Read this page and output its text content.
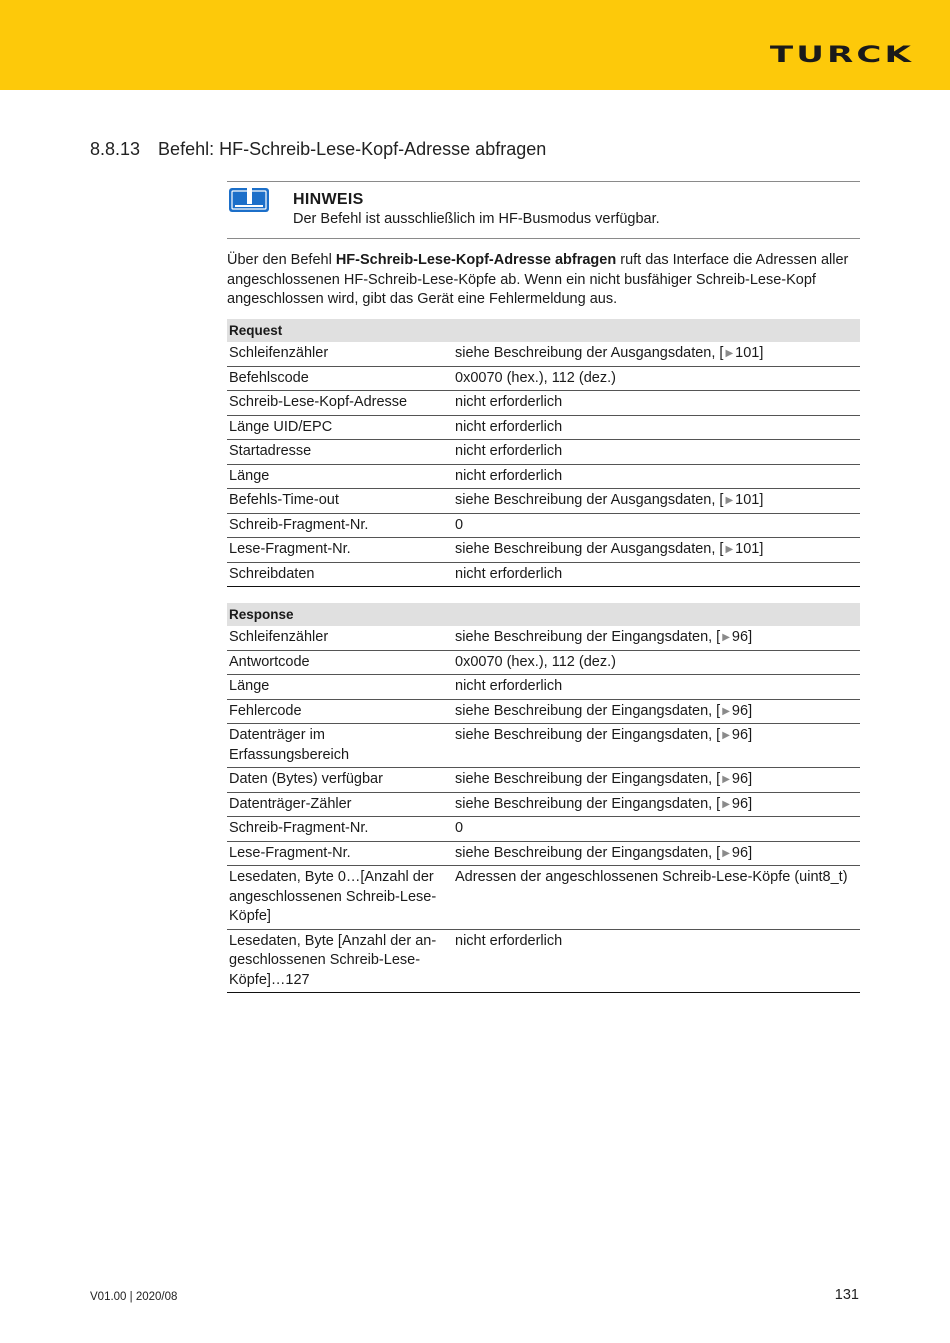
TURCK
8.8.13 Befehl: HF-Schreib-Lese-Kopf-Adresse abfragen
HINWEIS
Der Befehl ist ausschließlich im HF-Busmodus verfügbar.
Über den Befehl HF-Schreib-Lese-Kopf-Adresse abfragen ruft das Interface die Adressen aller angeschlossenen HF-Schreib-Lese-Köpfe ab. Wenn ein nicht busfähiger Schreib-Lese-Kopf angeschlossen wird, gibt das Gerät eine Fehlermeldung aus.
Request	
Schleifenzähler	siehe Beschreibung der Ausgangsdaten, [ ▶ 101]
Befehlscode	0x0070 (hex.), 112 (dez.)
Schreib-Lese-Kopf-Adresse	nicht erforderlich
Länge UID/EPC	nicht erforderlich
Startadresse	nicht erforderlich
Länge	nicht erforderlich
Befehls-Time-out	siehe Beschreibung der Ausgangsdaten, [ ▶ 101]
Schreib-Fragment-Nr.	0
Lese-Fragment-Nr.	siehe Beschreibung der Ausgangsdaten, [ ▶ 101]
Schreibdaten	nicht erforderlich
Response	
Schleifenzähler	siehe Beschreibung der Eingangsdaten, [ ▶ 96]
Antwortcode	0x0070 (hex.), 112 (dez.)
Länge	nicht erforderlich
Fehlercode	siehe Beschreibung der Eingangsdaten, [ ▶ 96]
Datenträger im
Erfassungsbereich	siehe Beschreibung der Eingangsdaten, [ ▶ 96]
Daten (Bytes) verfügbar	siehe Beschreibung der Eingangsdaten, [ ▶ 96]
Datenträger-Zähler	siehe Beschreibung der Eingangsdaten, [ ▶ 96]
Schreib-Fragment-Nr.	0
Lese-Fragment-Nr.	siehe Beschreibung der Eingangsdaten, [ ▶ 96]
Lesedaten, Byte 0…[Anzahl der
angeschlossenen Schreib-Lese-
Köpfe]	Adressen der angeschlossenen Schreib-Lese-Köpfe (uint8_t)
Lesedaten, Byte [Anzahl der an-
geschlossenen Schreib-Lese-
Köpfe]…127	nicht erforderlich
V01.00 | 2020/08	131
